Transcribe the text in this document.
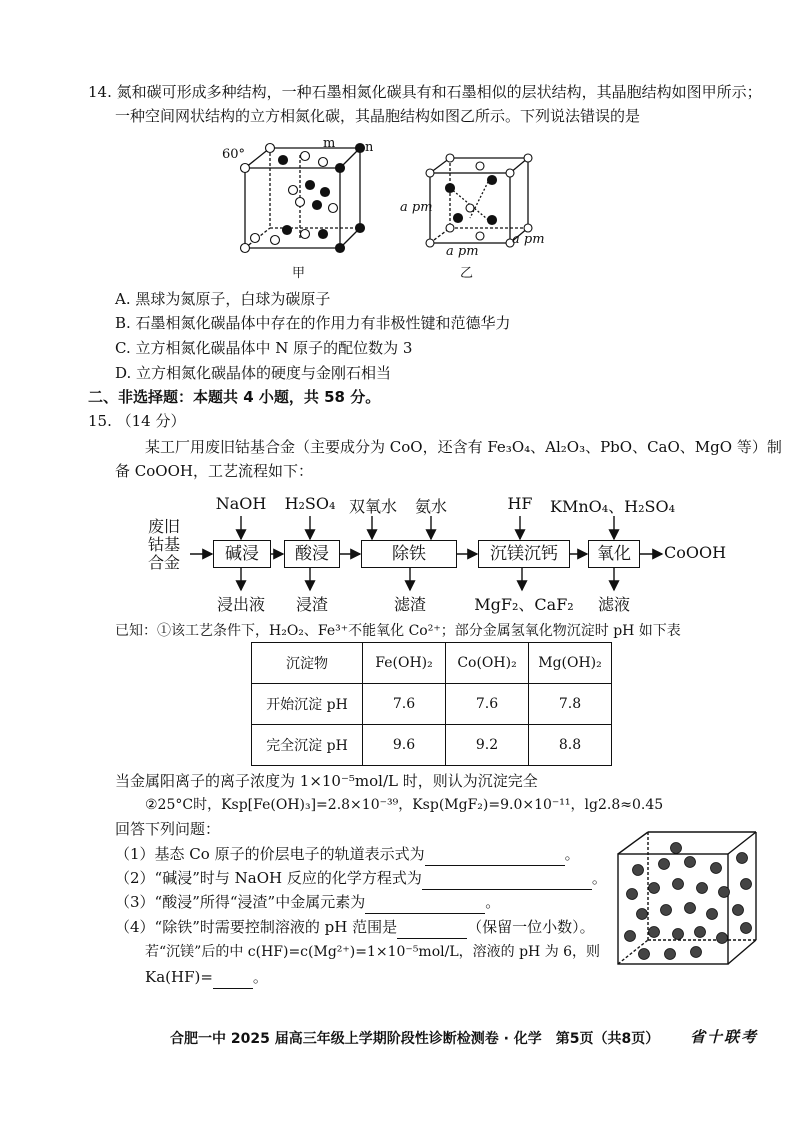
14. 氮和碳可形成多种结构，一种石墨相氮化碳具有和石墨相似的层状结构，其晶胞结构如图甲所示；
一种空间网状结构的立方相氮化碳，其晶胞结构如图乙所示。下列说法错误的是
60°
m n
甲
a pm
a pm
a pm
乙
A. 黑球为氮原子，白球为碳原子
B. 石墨相氮化碳晶体中存在的作用力有非极性键和范德华力
C. 立方相氮化碳晶体中 N 原子的配位数为 3
D. 立方相氮化碳晶体的硬度与金刚石相当
二、非选择题：本题共 4 小题，共 58 分。
15. （14 分）
某工厂用废旧钴基合金（主要成分为 CoO，还含有 Fe₃O₄、Al₂O₃、PbO、CaO、MgO 等）制
备 CoOOH，工艺流程如下：
废旧
钴基
合金
NaOH H₂SO₄ 双氧水	氨水	HF	KMnO₄、H₂SO₄
碱浸	酸浸	除铁	沉镁沉钙	氧化	CoOOH
浸出液	浸渣	滤渣	MgF₂、CaF₂	滤液
已知：①该工艺条件下，H₂O₂、Fe³⁺不能氧化 Co²⁺；部分金属氢氧化物沉淀时 pH 如下表
沉淀物	Fe(OH)₂	Co(OH)₂	Mg(OH)₂
开始沉淀 pH	7.6	7.6	7.8
完全沉淀 pH	9.6	9.2	8.8
当金属阳离子的离子浓度为 1×10⁻⁵mol/L 时，则认为沉淀完全
②25°C时，Ksp[Fe(OH)₃]=2.8×10⁻³⁹，Ksp(MgF₂)=9.0×10⁻¹¹，lg2.8≈0.45
回答下列问题：
（1）基态 Co 原子的价层电子的轨道表示式为	。
（2）“碱浸”时与 NaOH 反应的化学方程式为	。
（3）“酸浸”所得“浸渣”中金属元素为	。
（4）“除铁”时需要控制溶液的 pH 范围是	（保留一位小数）。
若“沉镁”后的中 c(HF)=c(Mg²⁺)=1×10⁻⁵mol/L，溶液的 pH 为 6，则
Ka(HF)=	。
合肥一中 2025 届高三年级上学期阶段性诊断检测卷 · 化学　第5页（共8页） 省十联考
